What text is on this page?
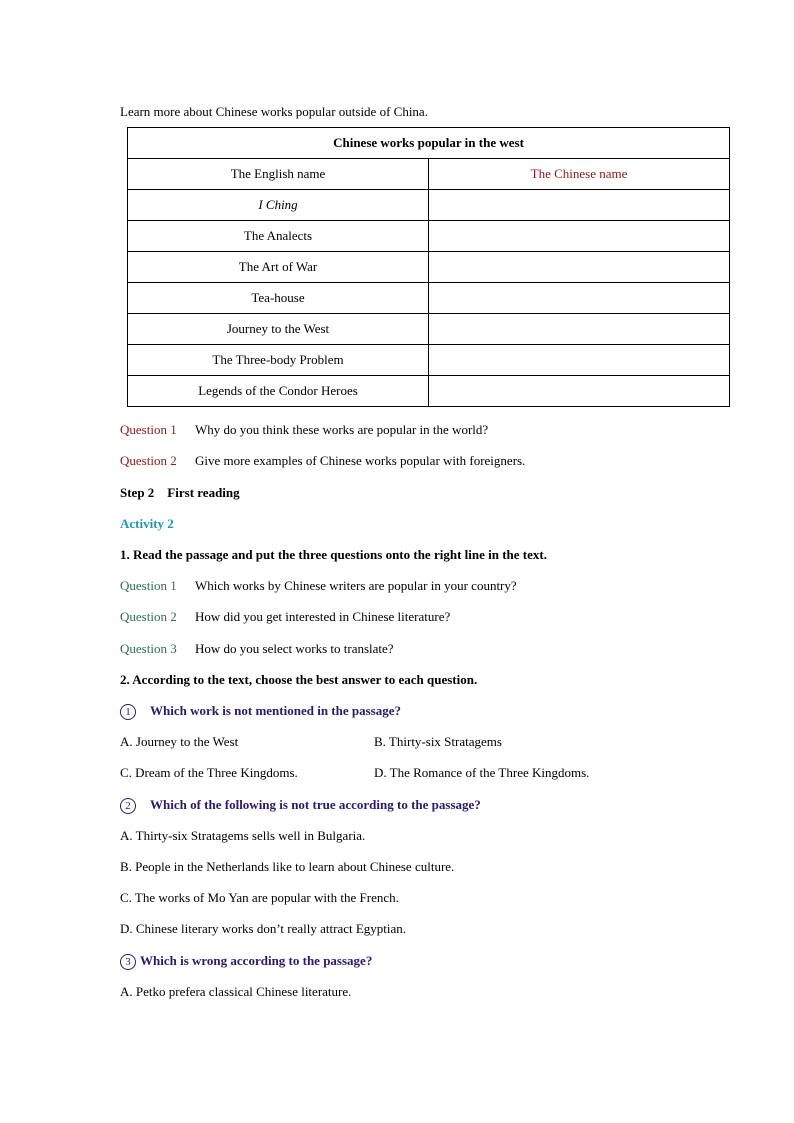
Learn more about Chinese works popular outside of China.
Chinese works popular in the west	
The English name	The Chinese name
I Ching	
The Analects	
The Art of War	
Tea-house	
Journey to the West	
The Three-body Problem	
Legends of the Condor Heroes	
Question 1 Why do you think these works are popular in the world?
Question 2 Give more examples of Chinese works popular with foreigners.
Step 2    First reading
Activity 2
1. Read the passage and put the three questions onto the right line in the text.
Question 1 Which works by Chinese writers are popular in your country?
Question 2 How did you get interested in Chinese literature?
Question 3 How do you select works to translate?
2. According to the text, choose the best answer to each question.
1 Which work is not mentioned in the passage?
A. Journey to the West	B. Thirty-six Stratagems
C. Dream of the Three Kingdoms.	D. The Romance of the Three Kingdoms.
2 Which of the following is not true according to the passage?
A. Thirty-six Stratagems sells well in Bulgaria.
B. People in the Netherlands like to learn about Chinese culture.
C. The works of Mo Yan are popular with the French.
D. Chinese literary works don’t really attract Egyptian.
3 Which is wrong according to the passage?
A. Petko prefera classical Chinese literature.
